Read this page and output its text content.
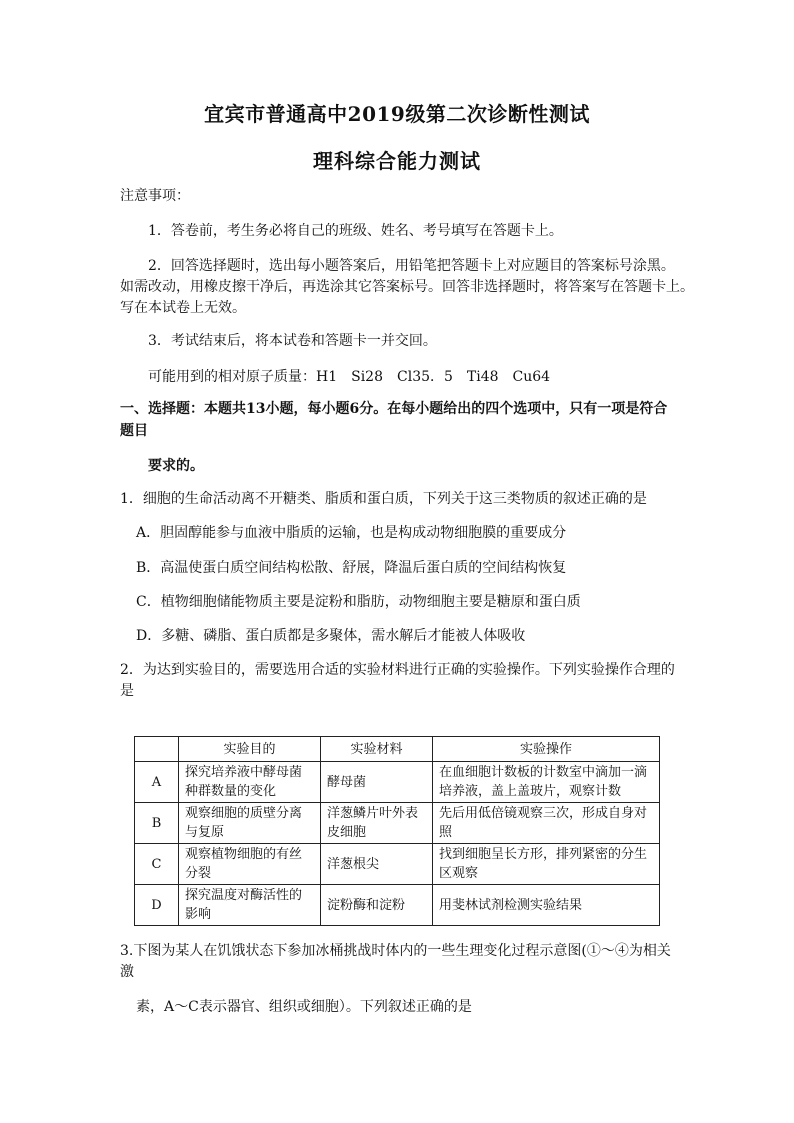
宜宾市普通高中2019级第二次诊断性测试
理科综合能力测试
注意事项：
1．答卷前，考生务必将自己的班级、姓名、考号填写在答题卡上。
2．回答选择题时，选出每小题答案后，用铅笔把答题卡上对应题目的答案标号涂黑。
如需改动，用橡皮擦干净后，再选涂其它答案标号。回答非选择题时，将答案写在答题卡上。
写在本试卷上无效。
3．考试结束后，将本试卷和答题卡一并交回。
可能用到的相对原子质量：H1　Si28　Cl35．5　Ti48　Cu64
一、选择题：本题共13小题，每小题6分。在每小题给出的四个选项中，只有一项是符合
题目
要求的。
1．细胞的生命活动离不开糖类、脂质和蛋白质，下列关于这三类物质的叙述正确的是
A．胆固醇能参与血液中脂质的运输，也是构成动物细胞膜的重要成分
B．高温使蛋白质空间结构松散、舒展，降温后蛋白质的空间结构恢复
C．植物细胞储能物质主要是淀粉和脂肪，动物细胞主要是糖原和蛋白质
D．多糖、磷脂、蛋白质都是多聚体，需水解后才能被人体吸收
2．为达到实验目的，需要选用合适的实验材料进行正确的实验操作。下列实验操作合理的
是
	实验目的	实验材料	实验操作
A	探究培养液中酵母菌种群数量的变化	酵母菌	在血细胞计数板的计数室中滴加一滴培养液，盖上盖玻片，观察计数
B	观察细胞的质壁分离与复原	洋葱鳞片叶外表皮细胞	先后用低倍镜观察三次，形成自身对照
C	观察植物细胞的有丝分裂	洋葱根尖	找到细胞呈长方形，排列紧密的分生区观察
D	探究温度对酶活性的影响	淀粉酶和淀粉	用斐林试剂检测实验结果
3.下图为某人在饥饿状态下参加冰桶挑战时体内的一些生理变化过程示意图(①～④为相关
激
素，A～C表示器官、组织或细胞）。下列叙述正确的是
